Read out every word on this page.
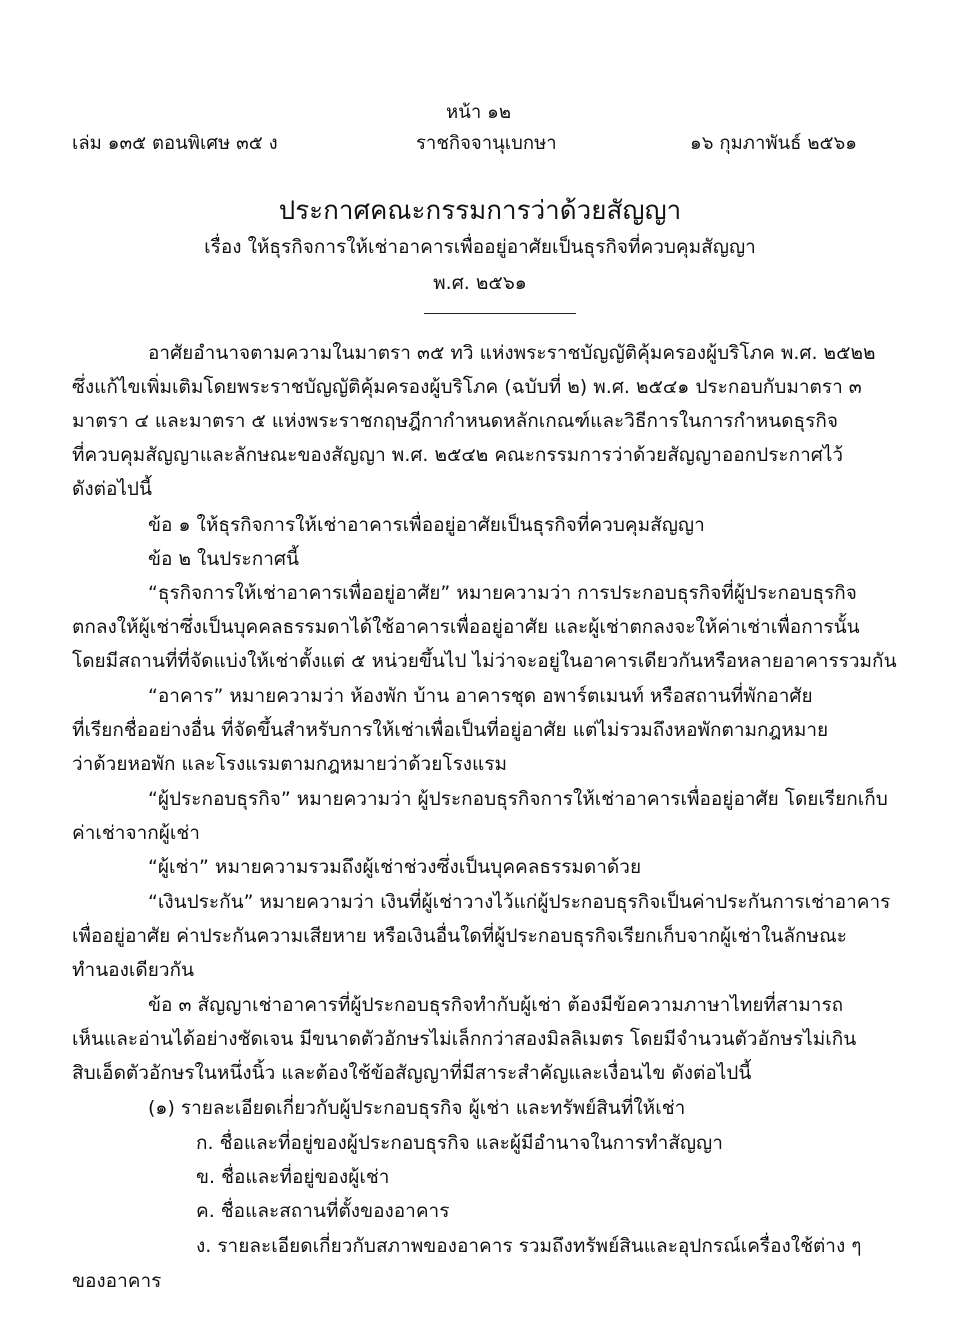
หน้า ๑๒
เล่ม ๑๓๕ ตอนพิเศษ ๓๕ ง	ราชกิจจานุเบกษา	๑๖ กุมภาพันธ์ ๒๕๖๑
ประกาศคณะกรรมการว่าด้วยสัญญา
เรื่อง ให้ธุรกิจการให้เช่าอาคารเพื่ออยู่อาศัยเป็นธุรกิจที่ควบคุมสัญญา
พ.ศ. ๒๕๖๑
อาศัยอำนาจตามความในมาตรา ๓๕ ทวิ แห่งพระราชบัญญัติคุ้มครองผู้บริโภค พ.ศ. ๒๕๒๒
ซึ่งแก้ไขเพิ่มเติมโดยพระราชบัญญัติคุ้มครองผู้บริโภค (ฉบับที่ ๒) พ.ศ. ๒๕๔๑ ประกอบกับมาตรา ๓
มาตรา ๔ และมาตรา ๕ แห่งพระราชกฤษฎีกากำหนดหลักเกณฑ์และวิธีการในการกำหนดธุรกิจ
ที่ควบคุมสัญญาและลักษณะของสัญญา พ.ศ. ๒๕๔๒ คณะกรรมการว่าด้วยสัญญาออกประกาศไว้
ดังต่อไปนี้
ข้อ ๑ ให้ธุรกิจการให้เช่าอาคารเพื่ออยู่อาศัยเป็นธุรกิจที่ควบคุมสัญญา
ข้อ ๒ ในประกาศนี้
“ธุรกิจการให้เช่าอาคารเพื่ออยู่อาศัย” หมายความว่า การประกอบธุรกิจที่ผู้ประกอบธุรกิจ
ตกลงให้ผู้เช่าซึ่งเป็นบุคคลธรรมดาได้ใช้อาคารเพื่ออยู่อาศัย และผู้เช่าตกลงจะให้ค่าเช่าเพื่อการนั้น
โดยมีสถานที่ที่จัดแบ่งให้เช่าตั้งแต่ ๕ หน่วยขึ้นไป ไม่ว่าจะอยู่ในอาคารเดียวกันหรือหลายอาคารรวมกัน
“อาคาร” หมายความว่า ห้องพัก บ้าน อาคารชุด อพาร์ตเมนท์ หรือสถานที่พักอาศัย
ที่เรียกชื่ออย่างอื่น ที่จัดขึ้นสำหรับการให้เช่าเพื่อเป็นที่อยู่อาศัย แต่ไม่รวมถึงหอพักตามกฎหมาย
ว่าด้วยหอพัก และโรงแรมตามกฎหมายว่าด้วยโรงแรม
“ผู้ประกอบธุรกิจ” หมายความว่า ผู้ประกอบธุรกิจการให้เช่าอาคารเพื่ออยู่อาศัย โดยเรียกเก็บ
ค่าเช่าจากผู้เช่า
“ผู้เช่า” หมายความรวมถึงผู้เช่าช่วงซึ่งเป็นบุคคลธรรมดาด้วย
“เงินประกัน” หมายความว่า เงินที่ผู้เช่าวางไว้แก่ผู้ประกอบธุรกิจเป็นค่าประกันการเช่าอาคาร
เพื่ออยู่อาศัย ค่าประกันความเสียหาย หรือเงินอื่นใดที่ผู้ประกอบธุรกิจเรียกเก็บจากผู้เช่าในลักษณะ
ทำนองเดียวกัน
ข้อ ๓ สัญญาเช่าอาคารที่ผู้ประกอบธุรกิจทำกับผู้เช่า ต้องมีข้อความภาษาไทยที่สามารถ
เห็นและอ่านได้อย่างชัดเจน มีขนาดตัวอักษรไม่เล็กกว่าสองมิลลิเมตร โดยมีจำนวนตัวอักษรไม่เกิน
สิบเอ็ดตัวอักษรในหนึ่งนิ้ว และต้องใช้ข้อสัญญาที่มีสาระสำคัญและเงื่อนไข ดังต่อไปนี้
(๑) รายละเอียดเกี่ยวกับผู้ประกอบธุรกิจ ผู้เช่า และทรัพย์สินที่ให้เช่า
ก. ชื่อและที่อยู่ของผู้ประกอบธุรกิจ และผู้มีอำนาจในการทำสัญญา
ข. ชื่อและที่อยู่ของผู้เช่า
ค. ชื่อและสถานที่ตั้งของอาคาร
ง. รายละเอียดเกี่ยวกับสภาพของอาคาร รวมถึงทรัพย์สินและอุปกรณ์เครื่องใช้ต่าง ๆ
ของอาคาร
